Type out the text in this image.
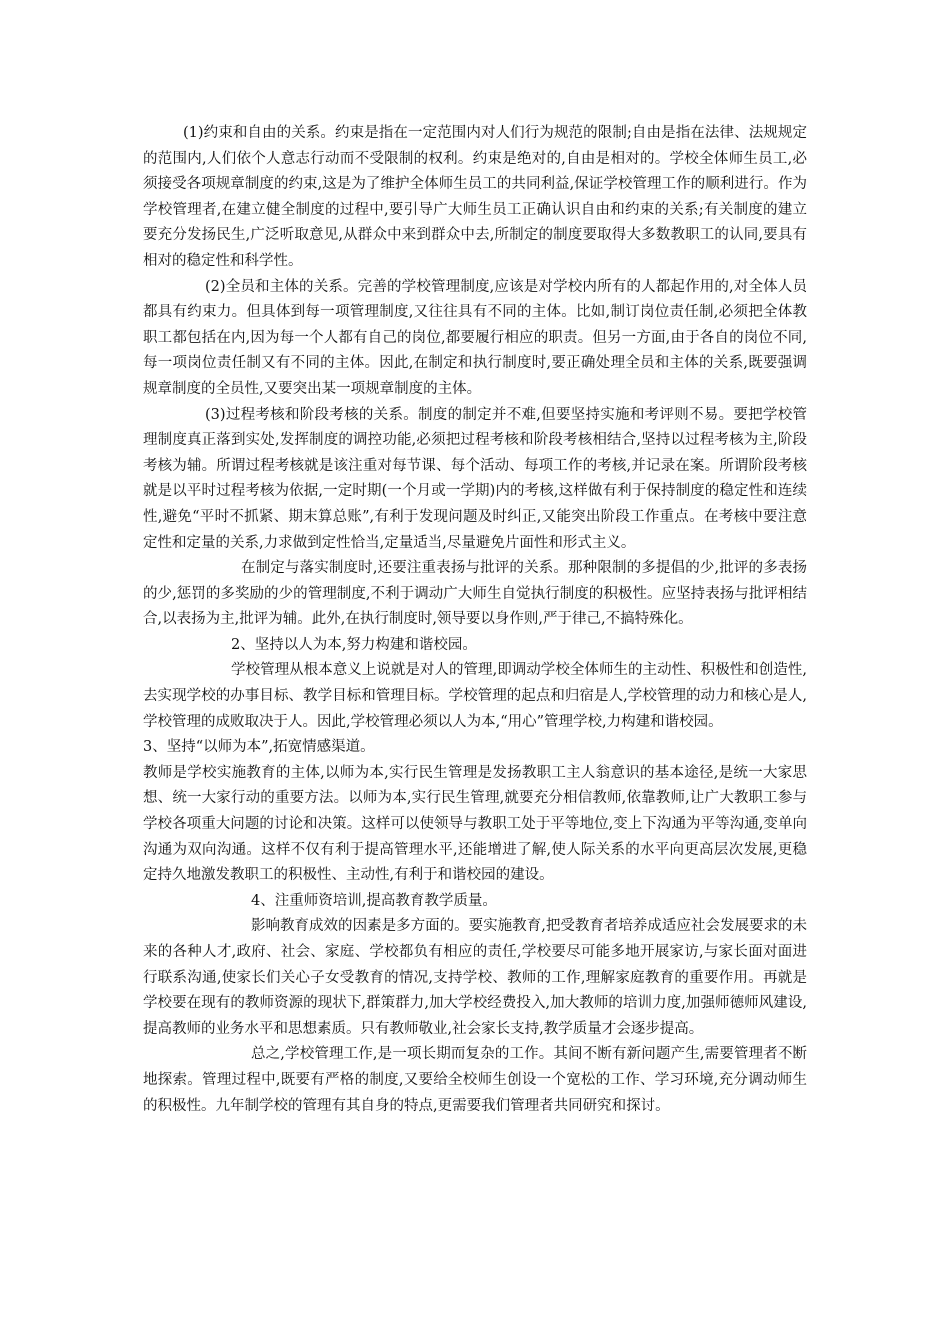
(1)约束和自由的关系。约束是指在一定范围内对人们行为规范的限制;自由是指在法律、法规规定的范围内,人们依个人意志行动而不受限制的权利。约束是绝对的,自由是相对的。学校全体师生员工,必须接受各项规章制度的约束,这是为了维护全体师生员工的共同利益,保证学校管理工作的顺利进行。作为学校管理者,在建立健全制度的过程中,要引导广大师生员工正确认识自由和约束的关系;有关制度的建立要充分发扬民生,广泛听取意见,从群众中来到群众中去,所制定的制度要取得大多数教职工的认同,要具有相对的稳定性和科学性。

(2)全员和主体的关系。完善的学校管理制度,应该是对学校内所有的人都起作用的,对全体人员都具有约束力。但具体到每一项管理制度,又往往具有不同的主体。比如,制订岗位责任制,必须把全体教职工都包括在内,因为每一个人都有自己的岗位,都要履行相应的职责。但另一方面,由于各自的岗位不同,每一项岗位责任制又有不同的主体。因此,在制定和执行制度时,要正确处理全员和主体的关系,既要强调规章制度的全员性,又要突出某一项规章制度的主体。

(3)过程考核和阶段考核的关系。制度的制定并不难,但要坚持实施和考评则不易。要把学校管理制度真正落到实处,发挥制度的调控功能,必须把过程考核和阶段考核相结合,坚持以过程考核为主,阶段考核为辅。所谓过程考核就是该注重对每节课、每个活动、每项工作的考核,并记录在案。所谓阶段考核就是以平时过程考核为依据,一定时期(一个月或一学期)内的考核,这样做有利于保持制度的稳定性和连续性,避免“平时不抓紧、期末算总账”,有利于发现问题及时纠正,又能突出阶段工作重点。在考核中要注意定性和定量的关系,力求做到定性恰当,定量适当,尽量避免片面性和形式主义。

在制定与落实制度时,还要注重表扬与批评的关系。那种限制的多提倡的少,批评的多表扬的少,惩罚的多奖励的少的管理制度,不利于调动广大师生自觉执行制度的积极性。应坚持表扬与批评相结合,以表扬为主,批评为辅。此外,在执行制度时,领导要以身作则,严于律己,不搞特殊化。

2、坚持以人为本,努力构建和谐校园。

学校管理从根本意义上说就是对人的管理,即调动学校全体师生的主动性、积极性和创造性,去实现学校的办事目标、教学目标和管理目标。学校管理的起点和归宿是人,学校管理的动力和核心是人,学校管理的成败取决于人。因此,学校管理必须以人为本,“用心”管理学校,力构建和谐校园。

3、坚持“以师为本”,拓宽情感渠道。

教师是学校实施教育的主体,以师为本,实行民生管理是发扬教职工主人翁意识的基本途径,是统一大家思想、统一大家行动的重要方法。以师为本,实行民生管理,就要充分相信教师,依靠教师,让广大教职工参与学校各项重大问题的讨论和决策。这样可以使领导与教职工处于平等地位,变上下沟通为平等沟通,变单向沟通为双向沟通。这样不仅有利于提高管理水平,还能增进了解,使人际关系的水平向更高层次发展,更稳定持久地激发教职工的积极性、主动性,有利于和谐校园的建设。

4、注重师资培训,提高教育教学质量。

影响教育成效的因素是多方面的。要实施教育,把受教育者培养成适应社会发展要求的未来的各种人才,政府、社会、家庭、学校都负有相应的责任,学校要尽可能多地开展家访,与家长面对面进行联系沟通,使家长们关心子女受教育的情况,支持学校、教师的工作,理解家庭教育的重要作用。再就是学校要在现有的教师资源的现状下,群策群力,加大学校经费投入,加大教师的培训力度,加强师德师风建设,提高教师的业务水平和思想素质。只有教师敬业,社会家长支持,教学质量才会逐步提高。

总之,学校管理工作,是一项长期而复杂的工作。其间不断有新问题产生,需要管理者不断地探索。管理过程中,既要有严格的制度,又要给全校师生创设一个宽松的工作、学习环境,充分调动师生的积极性。九年制学校的管理有其自身的特点,更需要我们管理者共同研究和探讨。
